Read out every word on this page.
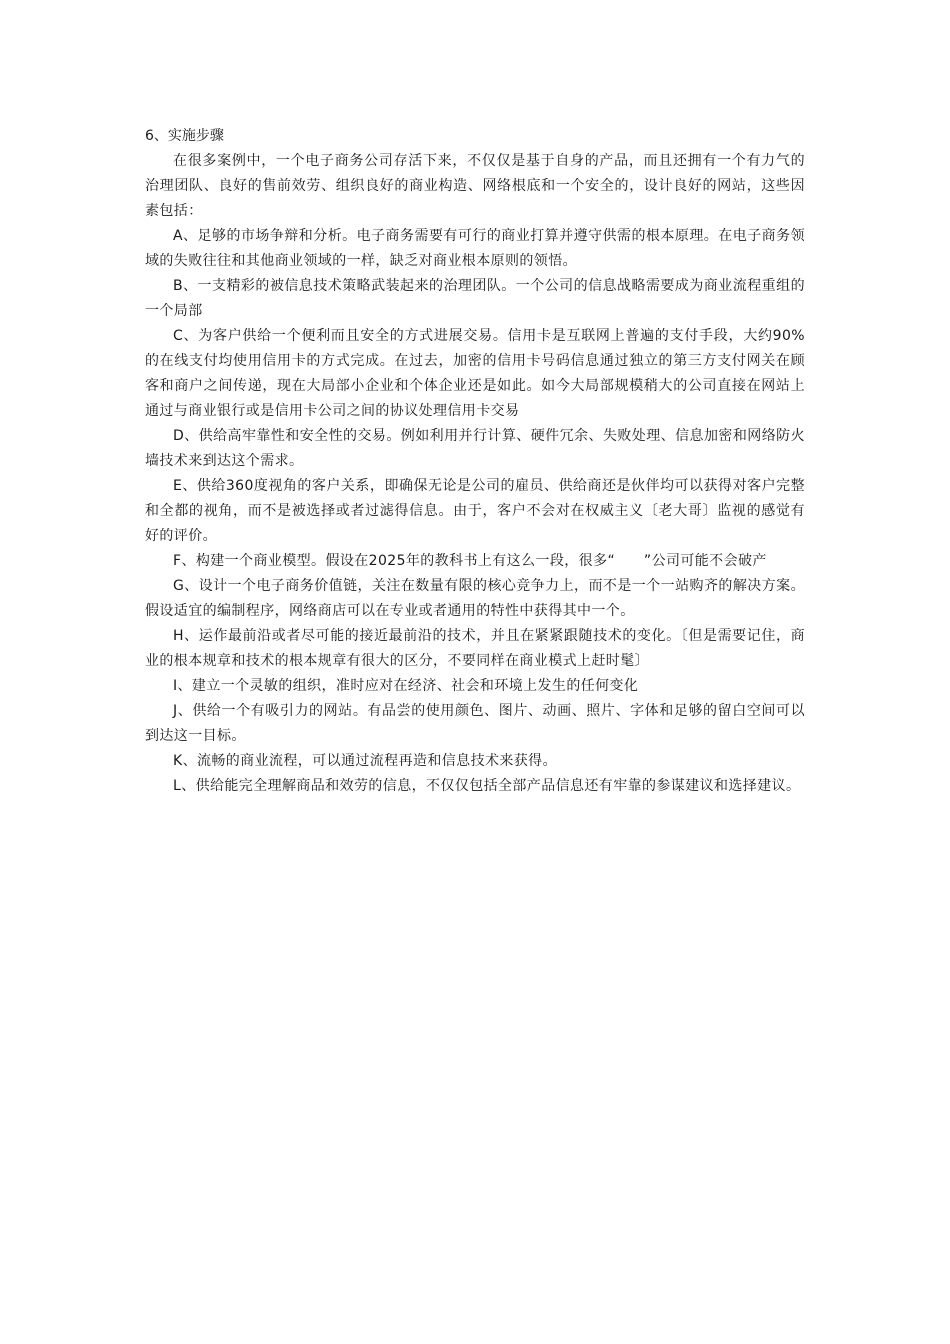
6、实施步骤

在很多案例中，一个电子商务公司存活下来，不仅仅是基于自身的产品，而且还拥有一个有力气的治理团队、良好的售前效劳、组织良好的商业构造、网络根底和一个安全的，设计良好的网站，这些因素包括：

A、足够的市场争辩和分析。电子商务需要有可行的商业打算并遵守供需的根本原理。在电子商务领域的失败往往和其他商业领域的一样，缺乏对商业根本原则的领悟。

B、一支精彩的被信息技术策略武装起来的治理团队。一个公司的信息战略需要成为商业流程重组的一个局部

C、为客户供给一个便利而且安全的方式进展交易。信用卡是互联网上普遍的支付手段，大约90%的在线支付均使用信用卡的方式完成。在过去，加密的信用卡号码信息通过独立的第三方支付网关在顾客和商户之间传递，现在大局部小企业和个体企业还是如此。如今大局部规模稍大的公司直接在网站上通过与商业银行或是信用卡公司之间的协议处理信用卡交易

D、供给高牢靠性和安全性的交易。例如利用并行计算、硬件冗余、失败处理、信息加密和网络防火墙技术来到达这个需求。

E、供给360度视角的客户关系，即确保无论是公司的雇员、供给商还是伙伴均可以获得对客户完整和全都的视角，而不是被选择或者过滤得信息。由于，客户不会对在权威主义〔老大哥〕监视的感觉有好的评价。

F、构建一个商业模型。假设在2025年的教科书上有这么一段，很多“　　”公司可能不会破产

G、设计一个电子商务价值链，关注在数量有限的核心竞争力上，而不是一个一站购齐的解决方案。假设适宜的编制程序，网络商店可以在专业或者通用的特性中获得其中一个。

H、运作最前沿或者尽可能的接近最前沿的技术，并且在紧紧跟随技术的变化。〔但是需要记住，商业的根本规章和技术的根本规章有很大的区分，不要同样在商业模式上赶时髦〕

I、建立一个灵敏的组织，准时应对在经济、社会和环境上发生的任何变化

J、供给一个有吸引力的网站。有品尝的使用颜色、图片、动画、照片、字体和足够的留白空间可以到达这一目标。

K、流畅的商业流程，可以通过流程再造和信息技术来获得。

L、供给能完全理解商品和效劳的信息，不仅仅包括全部产品信息还有牢靠的参谋建议和选择建议。
